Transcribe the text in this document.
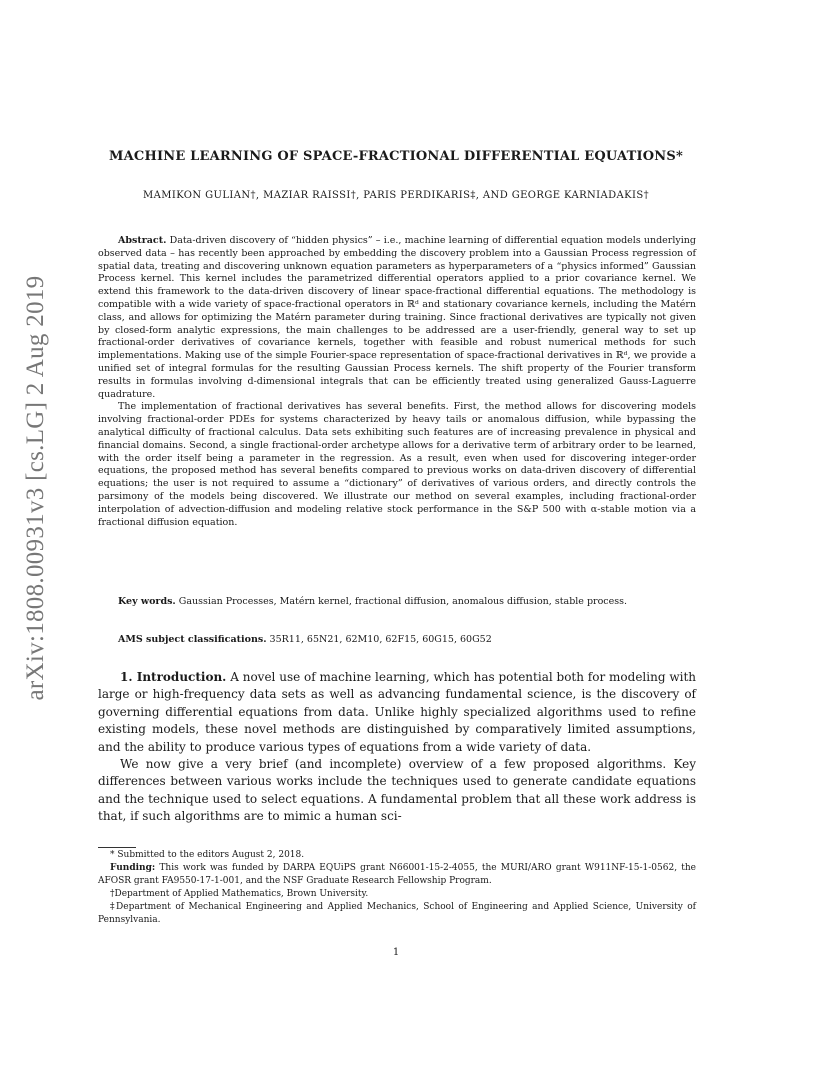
arXiv:1808.00931v3 [cs.LG] 2 Aug 2019
MACHINE LEARNING OF SPACE-FRACTIONAL DIFFERENTIAL EQUATIONS*
MAMIKON GULIAN†, MAZIAR RAISSI†, PARIS PERDIKARIS‡, AND GEORGE KARNIADAKIS†

Abstract. Data-driven discovery of “hidden physics” – i.e., machine learning of differential equation models underlying observed data – has recently been approached by embedding the discovery problem into a Gaussian Process regression of spatial data, treating and discovering unknown equation parameters as hyperparameters of a “physics informed” Gaussian Process kernel. This kernel includes the parametrized differential operators applied to a prior covariance kernel. We extend this framework to the data-driven discovery of linear space-fractional differential equations. The methodology is compatible with a wide variety of space-fractional operators in ℝᵈ and stationary covariance kernels, including the Matérn class, and allows for optimizing the Matérn parameter during training. Since fractional derivatives are typically not given by closed-form analytic expressions, the main challenges to be addressed are a user-friendly, general way to set up fractional-order derivatives of covariance kernels, together with feasible and robust numerical methods for such implementations. Making use of the simple Fourier-space representation of space-fractional derivatives in ℝᵈ, we provide a unified set of integral formulas for the resulting Gaussian Process kernels. The shift property of the Fourier transform results in formulas involving d-dimensional integrals that can be efficiently treated using generalized Gauss-Laguerre quadrature.

The implementation of fractional derivatives has several benefits. First, the method allows for discovering models involving fractional-order PDEs for systems characterized by heavy tails or anomalous diffusion, while bypassing the analytical difficulty of fractional calculus. Data sets exhibiting such features are of increasing prevalence in physical and financial domains. Second, a single fractional-order archetype allows for a derivative term of arbitrary order to be learned, with the order itself being a parameter in the regression. As a result, even when used for discovering integer-order equations, the proposed method has several benefits compared to previous works on data-driven discovery of differential equations; the user is not required to assume a “dictionary” of derivatives of various orders, and directly controls the parsimony of the models being discovered. We illustrate our method on several examples, including fractional-order interpolation of advection-diffusion and modeling relative stock performance in the S&P 500 with α-stable motion via a fractional diffusion equation.

Key words. Gaussian Processes, Matérn kernel, fractional diffusion, anomalous diffusion, stable process.

AMS subject classifications. 35R11, 65N21, 62M10, 62F15, 60G15, 60G52

1. Introduction. A novel use of machine learning, which has potential both for modeling with large or high-frequency data sets as well as advancing fundamental science, is the discovery of governing differential equations from data. Unlike highly specialized algorithms used to refine existing models, these novel methods are distinguished by comparatively limited assumptions, and the ability to produce various types of equations from a wide variety of data.

We now give a very brief (and incomplete) overview of a few proposed algorithms. Key differences between various works include the techniques used to generate candidate equations and the technique used to select equations. A fundamental problem that all these work address is that, if such algorithms are to mimic a human sci-

* Submitted to the editors August 2, 2018.

Funding: This work was funded by DARPA EQUiPS grant N66001-15-2-4055, the MURI/ARO grant W911NF-15-1-0562, the AFOSR grant FA9550-17-1-001, and the NSF Graduate Research Fellowship Program.

†Department of Applied Mathematics, Brown University.

‡Department of Mechanical Engineering and Applied Mechanics, School of Engineering and Applied Science, University of Pennsylvania.

1
